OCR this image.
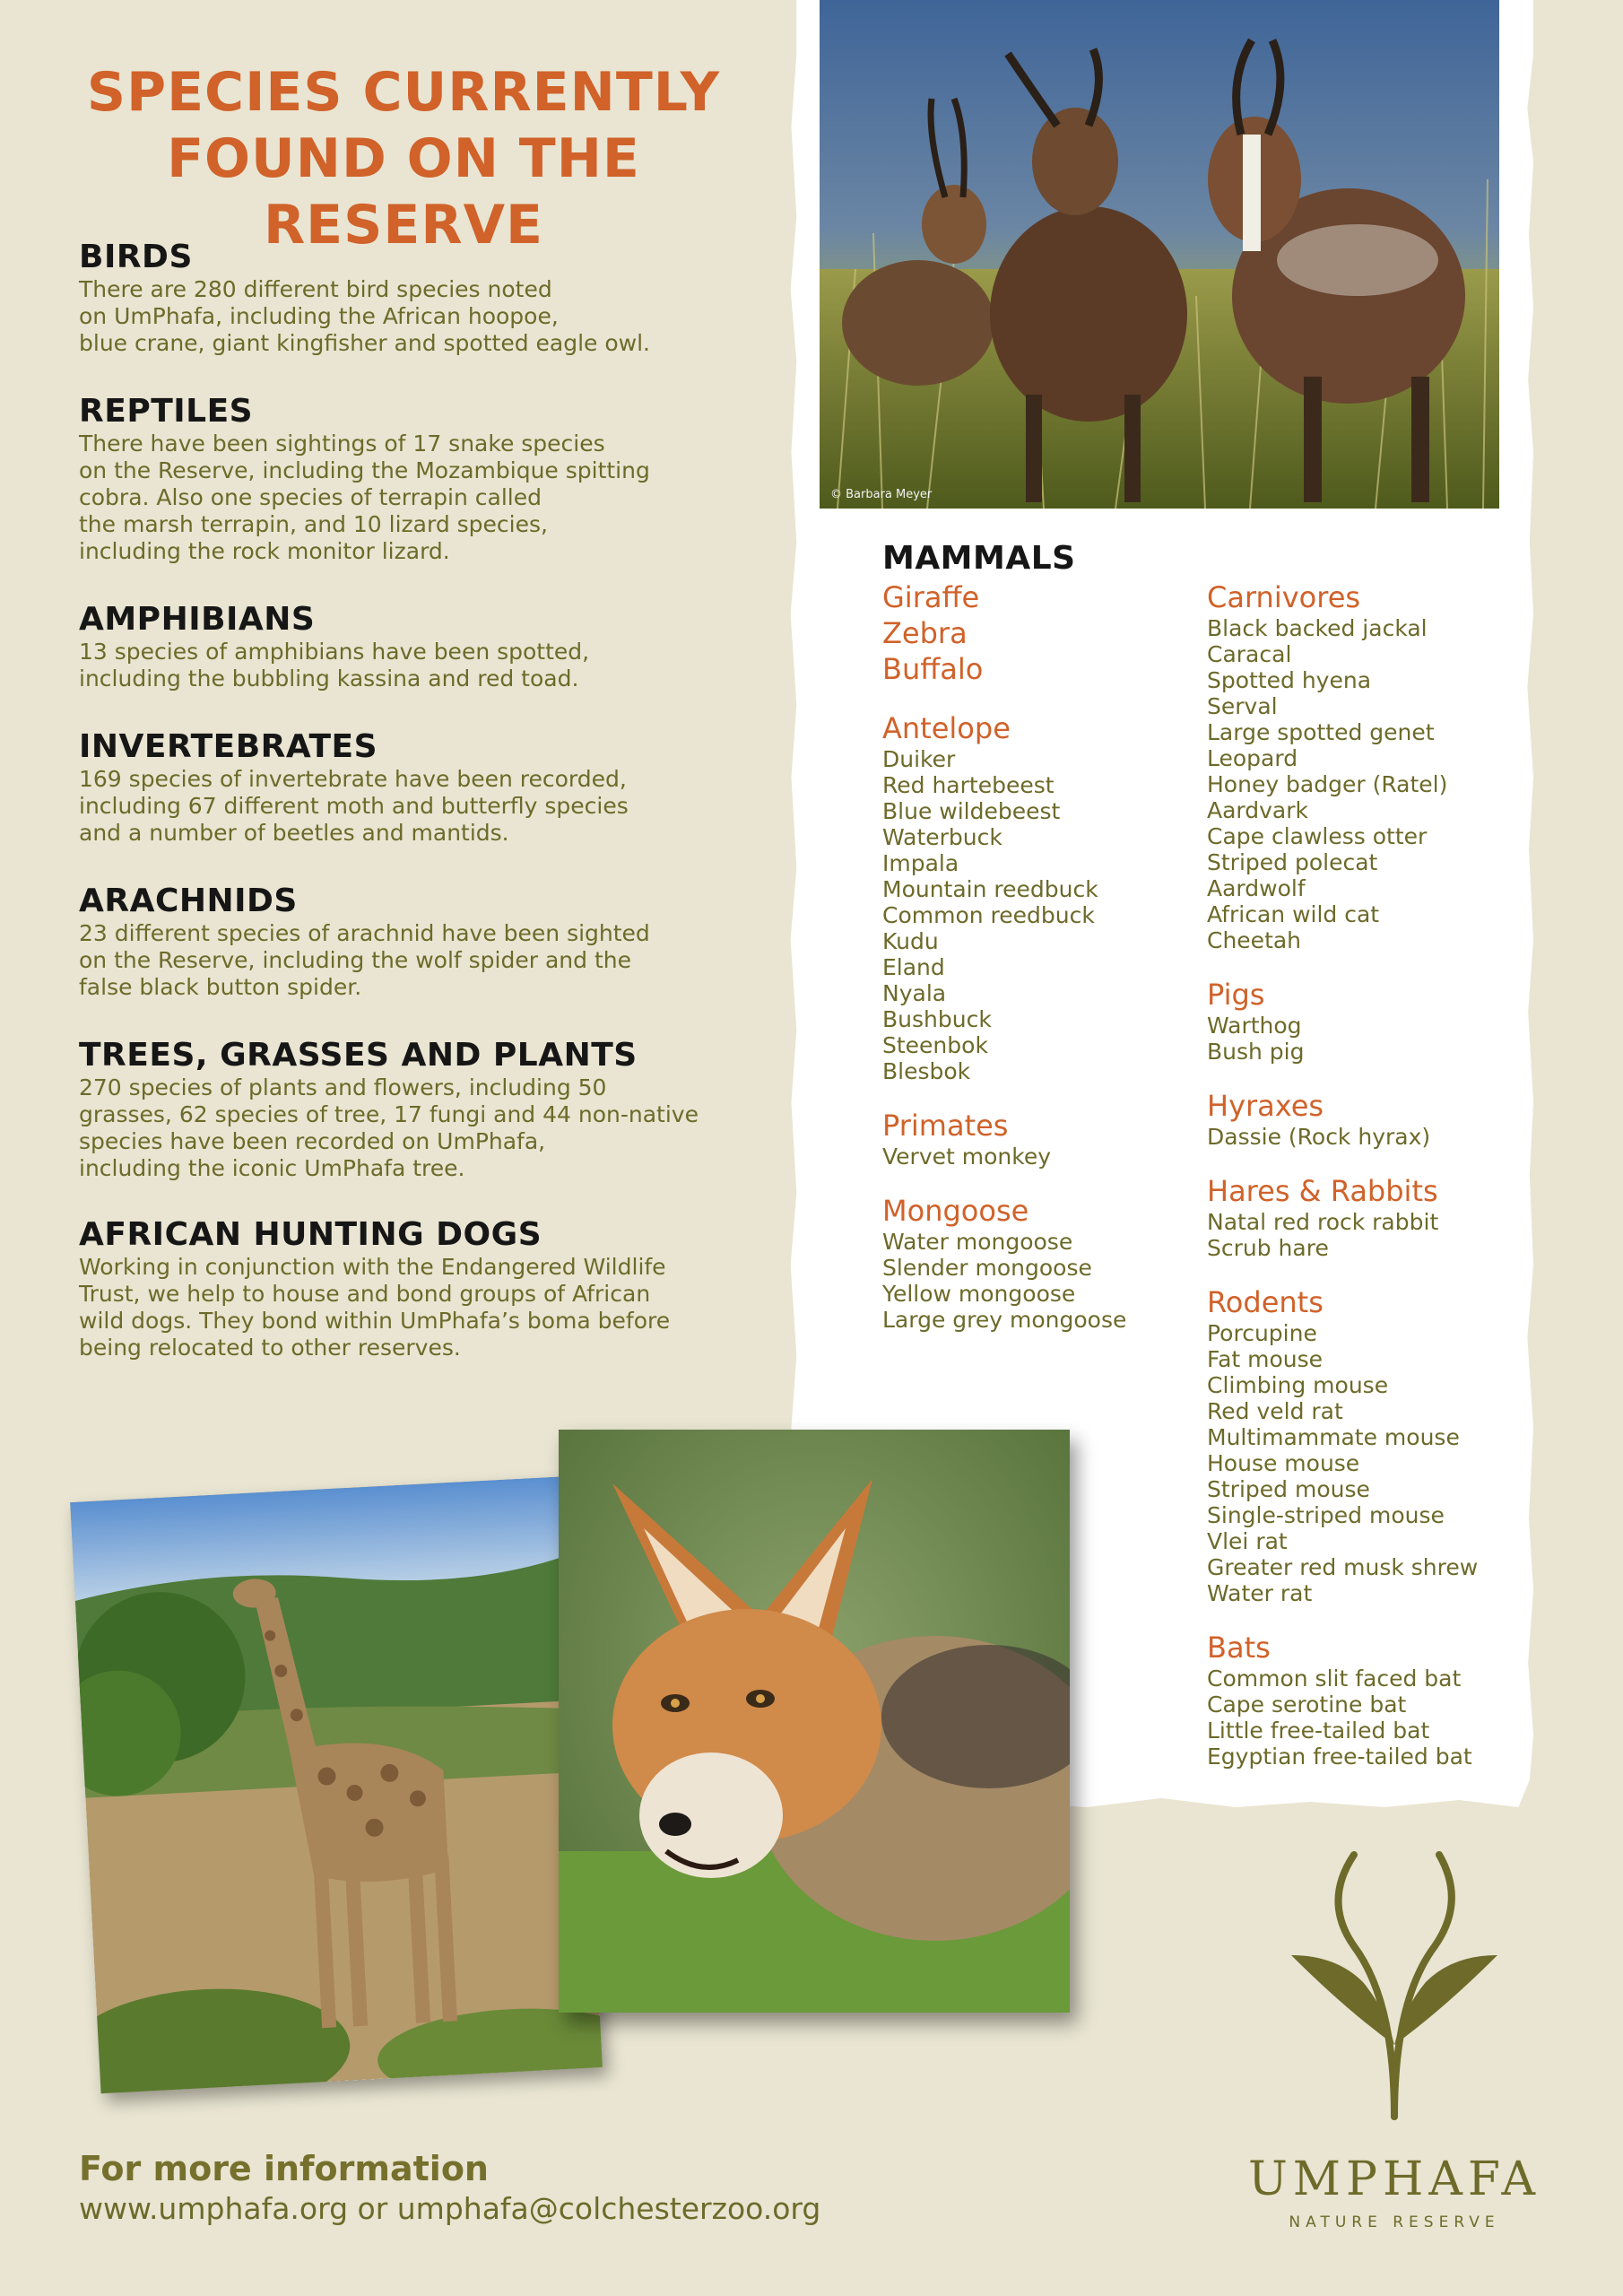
SPECIES CURRENTLY
FOUND ON THE RESERVE
BIRDS
There are 280 different bird species noted
on UmPhafa, including the African hoopoe,
blue crane, giant kingfisher and spotted eagle owl.
REPTILES
There have been sightings of 17 snake species
on the Reserve, including the Mozambique spitting
cobra. Also one species of terrapin called
the marsh terrapin, and 10 lizard species,
including the rock monitor lizard.
AMPHIBIANS
13 species of amphibians have been spotted,
including the bubbling kassina and red toad.
INVERTEBRATES
169 species of invertebrate have been recorded,
including 67 different moth and butterfly species
and a number of beetles and mantids.
ARACHNIDS
23 different species of arachnid have been sighted
on the Reserve, including the wolf spider and the
false black button spider.
TREES, GRASSES AND PLANTS
270 species of plants and flowers, including 50
grasses, 62 species of tree, 17 fungi and 44 non-native
species have been recorded on UmPhafa,
including the iconic UmPhafa tree.
AFRICAN HUNTING DOGS
Working in conjunction with the Endangered Wildlife
Trust, we help to house and bond groups of African
wild dogs. They bond within UmPhafa’s boma before
being relocated to other reserves.
© Barbara Meyer
MAMMALS
Giraffe
Zebra
Buffalo
Antelope
Duiker
Red hartebeest
Blue wildebeest
Waterbuck
Impala
Mountain reedbuck
Common reedbuck
Kudu
Eland
Nyala
Bushbuck
Steenbok
Blesbok
Primates
Vervet monkey
Mongoose
Water mongoose
Slender mongoose
Yellow mongoose
Large grey mongoose
Carnivores
Black backed jackal
Caracal
Spotted hyena
Serval
Large spotted genet
Leopard
Honey badger (Ratel)
Aardvark
Cape clawless otter
Striped polecat
Aardwolf
African wild cat
Cheetah
Pigs
Warthog
Bush pig
Hyraxes
Dassie (Rock hyrax)
Hares & Rabbits
Natal red rock rabbit
Scrub hare
Rodents
Porcupine
Fat mouse
Climbing mouse
Red veld rat
Multimammate mouse
House mouse
Striped mouse
Single-striped mouse
Vlei rat
Greater red musk shrew
Water rat
Bats
Common slit faced bat
Cape serotine bat
Little free-tailed bat
Egyptian free-tailed bat
For more information
www.umphafa.org or umphafa@colchesterzoo.org
UMPHAFA
NATURE RESERVE
